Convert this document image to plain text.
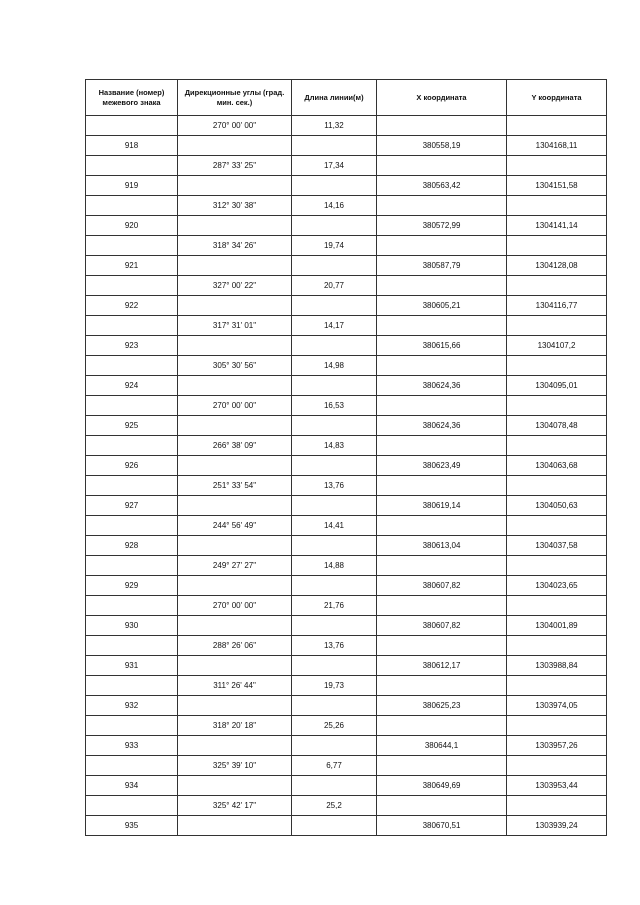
Название (номер) межевого знака	Дирекционные углы (град. мин. сек.)	Длина линии(м)	X координата	Y координата
	270° 00' 00"	11,32		
918			380558,19	1304168,11
	287° 33' 25"	17,34		
919			380563,42	1304151,58
	312° 30' 38"	14,16		
920			380572,99	1304141,14
	318° 34' 26"	19,74		
921			380587,79	1304128,08
	327° 00' 22"	20,77		
922			380605,21	1304116,77
	317° 31' 01"	14,17		
923			380615,66	1304107,2
	305° 30' 56"	14,98		
924			380624,36	1304095,01
	270° 00' 00"	16,53		
925			380624,36	1304078,48
	266° 38' 09"	14,83		
926			380623,49	1304063,68
	251° 33' 54"	13,76		
927			380619,14	1304050,63
	244° 56' 49"	14,41		
928			380613,04	1304037,58
	249° 27' 27"	14,88		
929			380607,82	1304023,65
	270° 00' 00"	21,76		
930			380607,82	1304001,89
	288° 26' 06"	13,76		
931			380612,17	1303988,84
	311° 26' 44"	19,73		
932			380625,23	1303974,05
	318° 20' 18"	25,26		
933			380644,1	1303957,26
	325° 39' 10"	6,77		
934			380649,69	1303953,44
	325° 42' 17"	25,2		
935			380670,51	1303939,24
